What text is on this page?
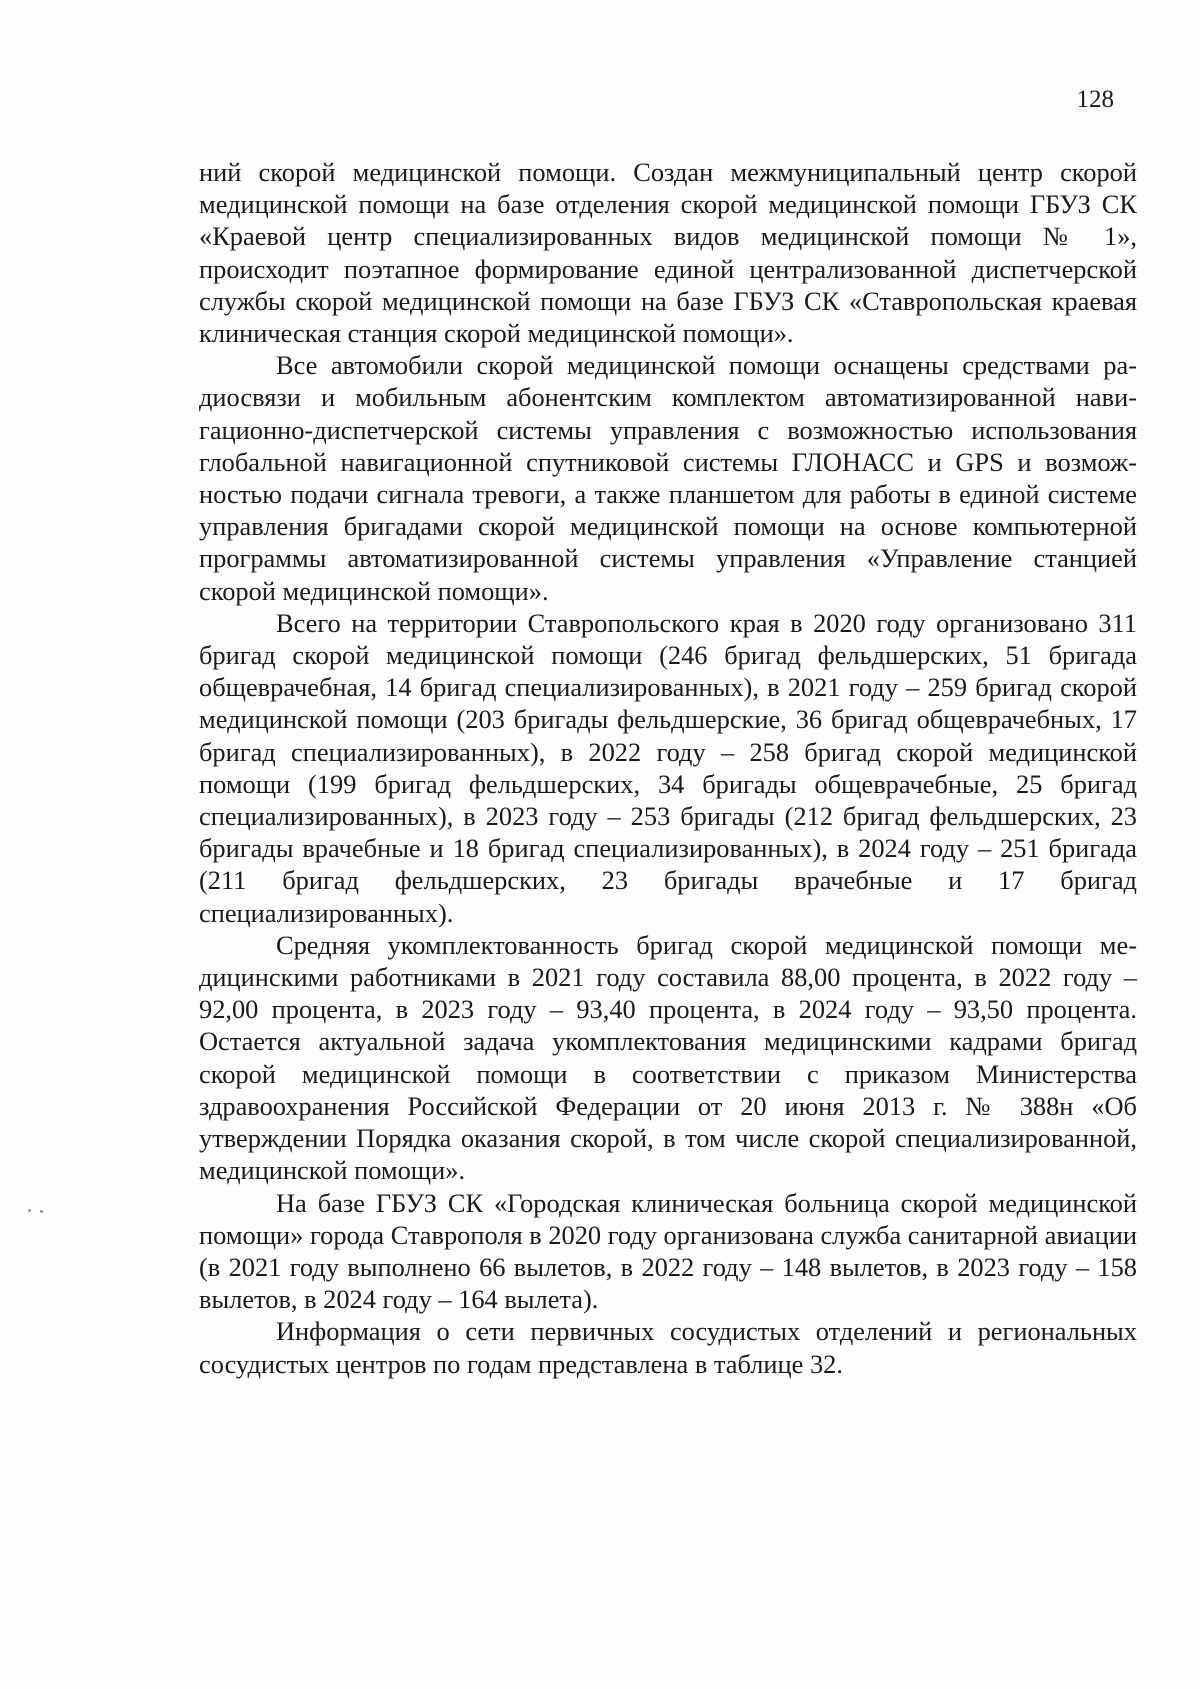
128

ний скорой медицинской помощи. Создан межмуниципальный центр скорой медицинской помощи на базе отделения скорой медицинской помощи ГБУЗ СК «Краевой центр специализированных видов медицинской помощи № 1», происходит поэтапное формирование единой централизованной диспетчерской службы скорой медицинской помощи на базе ГБУЗ СК «Ставропольская краевая клиническая станция скорой медицинской помощи».

Все автомобили скорой медицинской помощи оснащены средствами радиосвязи и мобильным абонентским комплектом автоматизированной навигационно-диспетчерской системы управления с возможностью использования глобальной навигационной спутниковой системы ГЛОНАСС и GPS и возможностью подачи сигнала тревоги, а также планшетом для работы в единой системе управления бригадами скорой медицинской помощи на основе компьютерной программы автоматизированной системы управления «Управление станцией скорой медицинской помощи».

Всего на территории Ставропольского края в 2020 году организовано 311 бригад скорой медицинской помощи (246 бригад фельдшерских, 51 бригада общеврачебная, 14 бригад специализированных), в 2021 году – 259 бригад скорой медицинской помощи (203 бригады фельдшерские, 36 бригад общеврачебных, 17 бригад специализированных), в 2022 году – 258 бригад скорой медицинской помощи (199 бригад фельдшерских, 34 бригады общеврачебные, 25 бригад специализированных), в 2023 году – 253 бригады (212 бригад фельдшерских, 23 бригады врачебные и 18 бригад специализированных), в 2024 году – 251 бригада (211 бригад фельдшерских, 23 бригады врачебные и 17 бригад специализированных).

Средняя укомплектованность бригад скорой медицинской помощи медицинскими работниками в 2021 году составила 88,00 процента, в 2022 году – 92,00 процента, в 2023 году – 93,40 процента, в 2024 году – 93,50 процента. Остается актуальной задача укомплектования медицинскими кадрами бригад скорой медицинской помощи в соответствии с приказом Министерства здравоохранения Российской Федерации от 20 июня 2013 г. № 388н «Об утверждении Порядка оказания скорой, в том числе скорой специализированной, медицинской помощи».

На базе ГБУЗ СК «Городская клиническая больница скорой медицинской помощи» города Ставрополя в 2020 году организована служба санитарной авиации (в 2021 году выполнено 66 вылетов, в 2022 году – 148 вылетов, в 2023 году – 158 вылетов, в 2024 году – 164 вылета).

Информация о сети первичных сосудистых отделений и региональных сосудистых центров по годам представлена в таблице 32.
